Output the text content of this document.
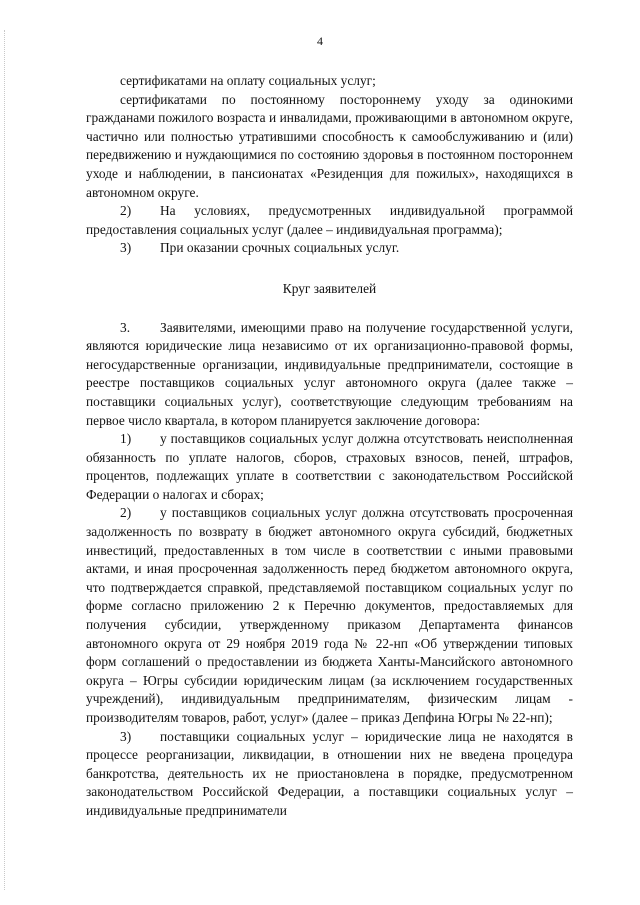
4

сертификатами на оплату социальных услуг;

сертификатами по постоянному постороннему уходу за одинокими гражданами пожилого возраста и инвалидами, проживающими в автономном округе, частично или полностью утратившими способность к самообслуживанию и (или) передвижению и нуждающимися по состоянию здоровья в постоянном постороннем уходе и наблюдении, в пансионатах «Резиденция для пожилых», находящихся в автономном округе.

2) На условиях, предусмотренных индивидуальной программой предоставления социальных услуг (далее – индивидуальная программа);

3) При оказании срочных социальных услуг.

Круг заявителей

3. Заявителями, имеющими право на получение государственной услуги, являются юридические лица независимо от их организационно-правовой формы, негосударственные организации, индивидуальные предприниматели, состоящие в реестре поставщиков социальных услуг автономного округа (далее также – поставщики социальных услуг), соответствующие следующим требованиям на первое число квартала, в котором планируется заключение договора:

1) у поставщиков социальных услуг должна отсутствовать неисполненная обязанность по уплате налогов, сборов, страховых взносов, пеней, штрафов, процентов, подлежащих уплате в соответствии с законодательством Российской Федерации о налогах и сборах;

2) у поставщиков социальных услуг должна отсутствовать просроченная задолженность по возврату в бюджет автономного округа субсидий, бюджетных инвестиций, предоставленных в том числе в соответствии с иными правовыми актами, и иная просроченная задолженность перед бюджетом автономного округа, что подтверждается справкой, представляемой поставщиком социальных услуг по форме согласно приложению 2 к Перечню документов, предоставляемых для получения субсидии, утвержденному приказом Департамента финансов автономного округа от 29 ноября 2019 года № 22-нп «Об утверждении типовых форм соглашений о предоставлении из бюджета Ханты-Мансийского автономного округа – Югры субсидии юридическим лицам (за исключением государственных учреждений), индивидуальным предпринимателям, физическим лицам - производителям товаров, работ, услуг» (далее – приказ Депфина Югры № 22-нп);

3) поставщики социальных услуг – юридические лица не находятся в процессе реорганизации, ликвидации, в отношении них не введена процедура банкротства, деятельность их не приостановлена в порядке, предусмотренном законодательством Российской Федерации, а поставщики социальных услуг – индивидуальные предприниматели
